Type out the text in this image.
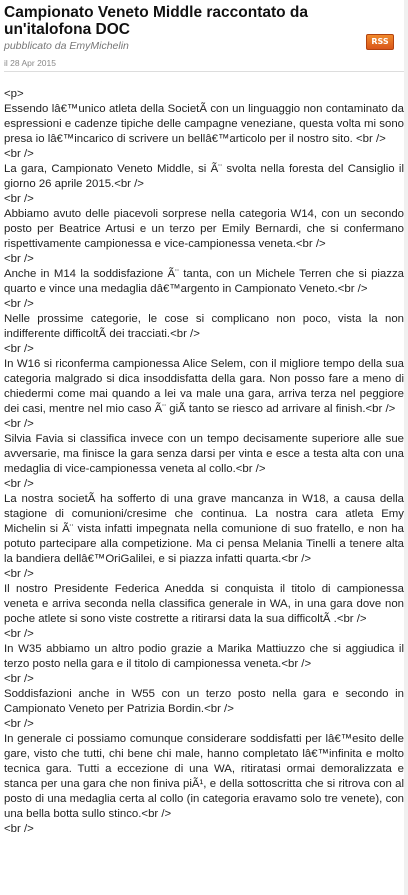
Campionato Veneto Middle raccontato da un'italofona DOC
RSS
pubblicato da EmyMichelin
il 28 Apr 2015
<p>
Essendo lâ€™unico atleta della SocietÃ con un linguaggio non contaminato da espressioni e cadenze tipiche delle campagne veneziane, questa volta mi sono presa io lâ€™incarico di scrivere un bellâ€™articolo per il nostro sito. <br />
<br />
La gara, Campionato Veneto Middle, si Ã¨ svolta nella foresta del Cansiglio il giorno 26 aprile 2015.<br />
<br />
Abbiamo avuto delle piacevoli sorprese nella categoria W14, con un secondo posto per Beatrice Artusi e un terzo per Emily Bernardi, che si confermano rispettivamente campionessa e vice-campionessa veneta.<br />
<br />
Anche in M14 la soddisfazione Ã¨ tanta, con un Michele Terren che si piazza quarto e vince una medaglia dâ€™argento in Campionato Veneto.<br />
<br />
Nelle prossime categorie, le cose si complicano non poco, vista la non indifferente difficoltÃ dei tracciati.<br />
<br />
In W16 si riconferma campionessa Alice Selem, con il migliore tempo della sua categoria malgrado si dica insoddisfatta della gara. Non posso fare a meno di chiedermi come mai quando a lei va male una gara, arriva terza nel peggiore dei casi, mentre nel mio caso Ã¨ giÃ tanto se riesco ad arrivare al finish.<br />
<br />
Silvia Favia si classifica invece con un tempo decisamente superiore alle sue avversarie, ma finisce la gara senza darsi per vinta e esce a testa alta con una medaglia di vice-campionessa veneta al collo.<br />
<br />
La nostra societÃ ha sofferto di una grave mancanza in W18, a causa della stagione di comunioni/cresime che continua. La nostra cara atleta Emy Michelin si Ã¨ vista infatti impegnata nella comunione di suo fratello, e non ha potuto partecipare alla competizione. Ma ci pensa Melania Tinelli a tenere alta la bandiera dellâ€™OriGalilei, e si piazza infatti quarta.<br />
<br />
Il nostro Presidente Federica Anedda si conquista il titolo di campionessa veneta e arriva seconda nella classifica generale in WA, in una gara dove non poche atlete si sono viste costrette a ritirarsi data la sua difficoltÃ .<br />
<br />
In W35 abbiamo un altro podio grazie a Marika Mattiuzzo che si aggiudica il terzo posto nella gara e il titolo di campionessa veneta.<br />
<br />
Soddisfazioni anche in W55 con un terzo posto nella gara e secondo in Campionato Veneto per Patrizia Bordin.<br />
<br />
In generale ci possiamo comunque considerare soddisfatti per lâ€™esito delle gare, visto che tutti, chi bene chi male, hanno completato lâ€™infinita e molto tecnica gara. Tutti a eccezione di una WA, ritiratasi ormai demoralizzata e stanca per una gara che non finiva piÃ¹, e della sottoscritta che si ritrova con al posto di una medaglia certa al collo (in categoria eravamo solo tre venete), con una bella botta sullo stinco.<br />
<br />
